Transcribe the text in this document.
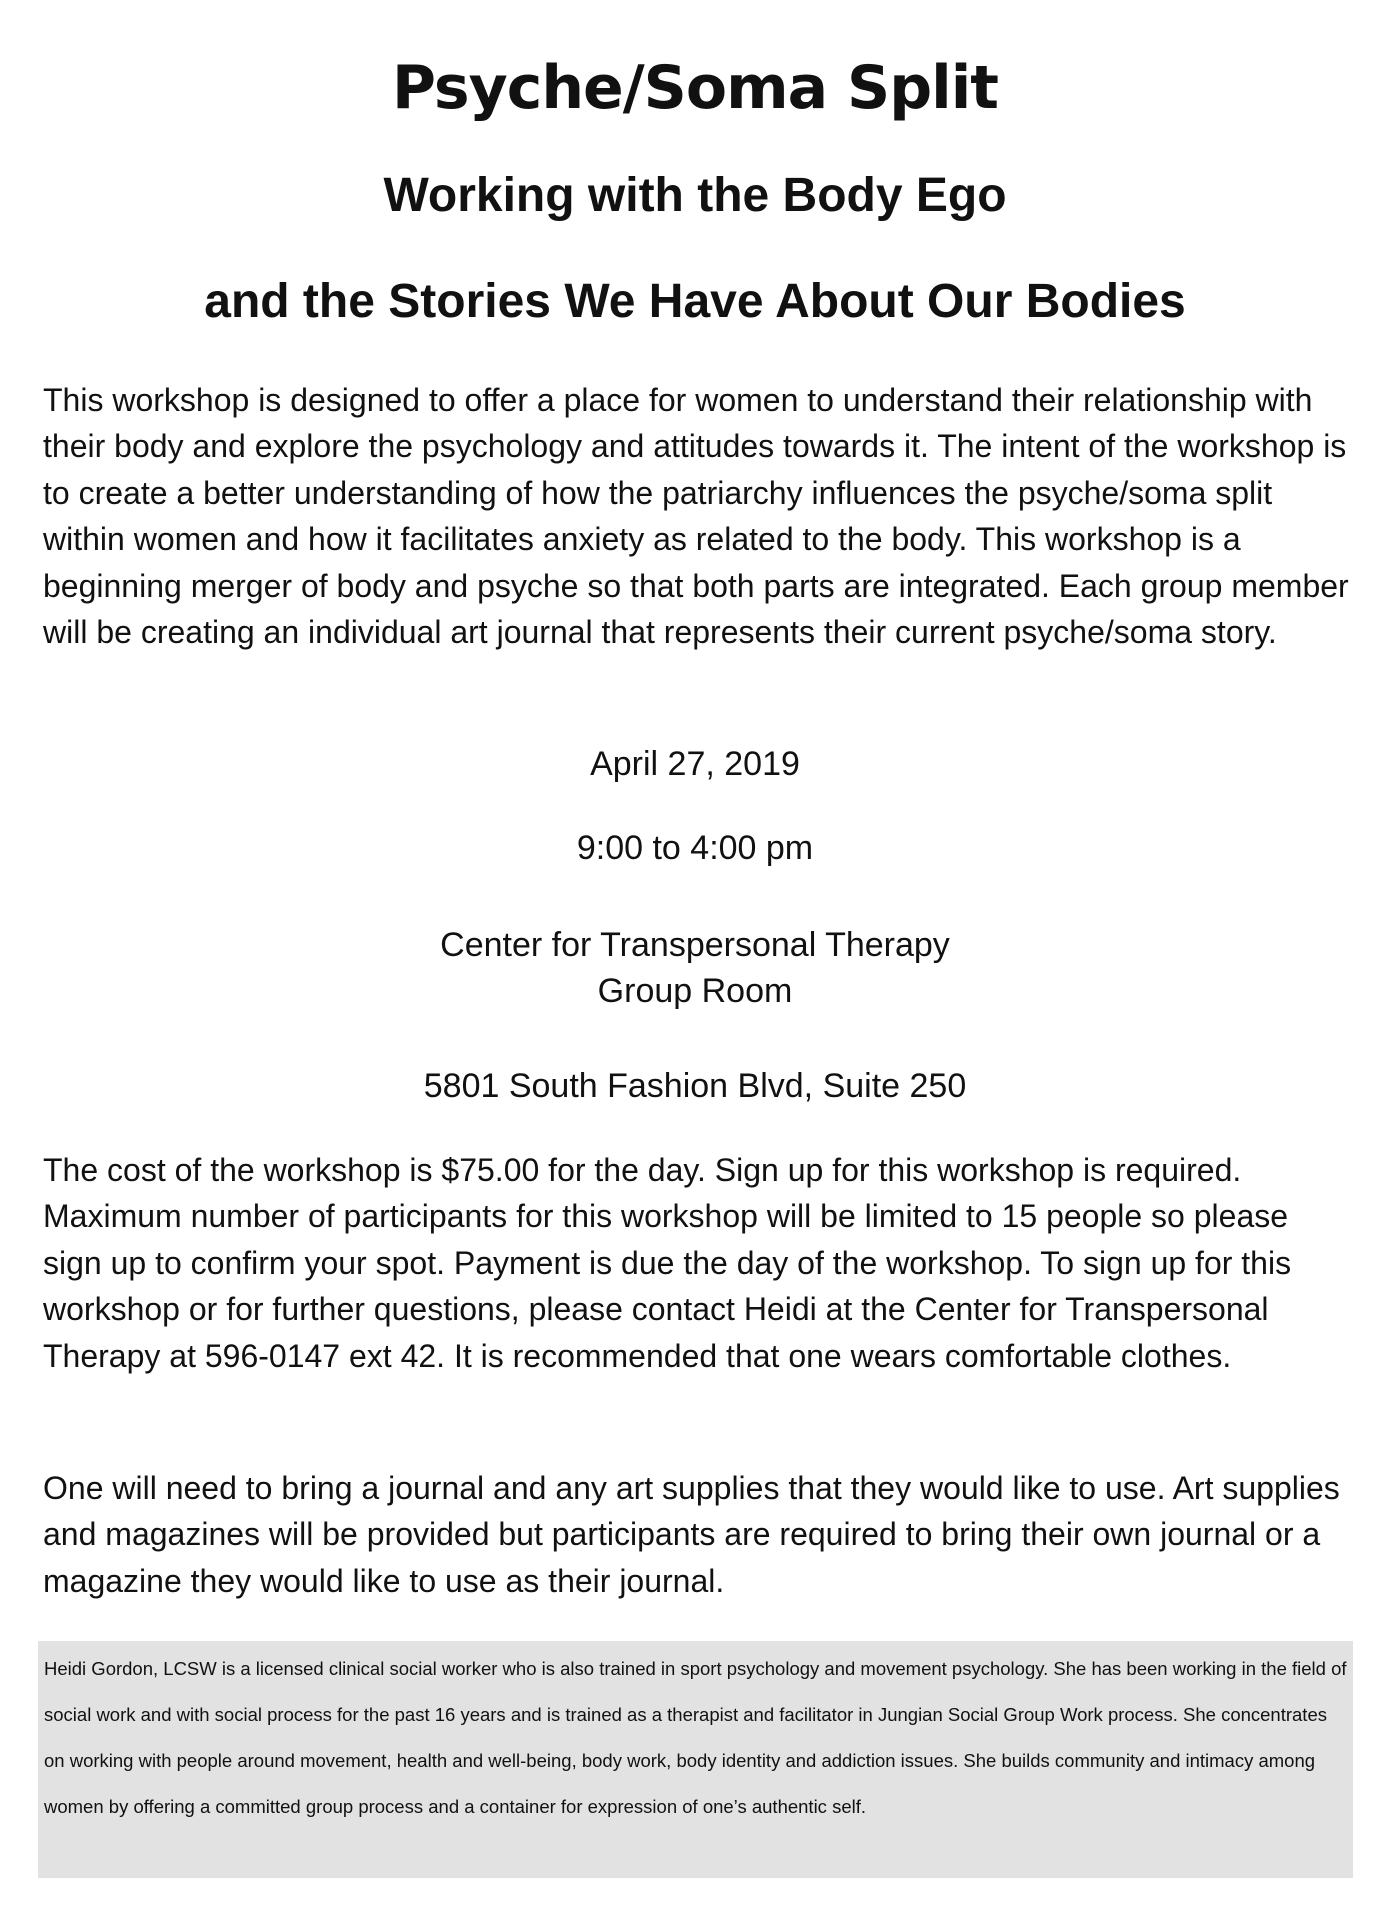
Psyche/Soma Split
Working with the Body Ego
and the Stories We Have About Our Bodies

This workshop is designed to offer a place for women to understand their relationship with their body and explore the psychology and attitudes towards it. The intent of the workshop is to create a better understanding of how the patriarchy influences the psyche/soma split within women and how it facilitates anxiety as related to the body. This workshop is a beginning merger of body and psyche so that both parts are integrated. Each group member will be creating an individual art journal that represents their current psyche/soma story.

April 27, 2019

9:00 to 4:00 pm

Center for Transpersonal Therapy

Group Room

5801 South Fashion Blvd, Suite 250

The cost of the workshop is $75.00 for the day. Sign up for this workshop is required. Maximum number of participants for this workshop will be limited to 15 people so please sign up to confirm your spot. Payment is due the day of the workshop. To sign up for this workshop or for further questions, please contact Heidi at the Center for Transpersonal Therapy at 596-0147 ext 42. It is recommended that one wears comfortable clothes.

One will need to bring a journal and any art supplies that they would like to use. Art supplies and magazines will be provided but participants are required to bring their own journal or a magazine they would like to use as their journal.

Heidi Gordon, LCSW is a licensed clinical social worker who is also trained in sport psychology and movement psychology. She has been working in the field of social work and with social process for the past 16 years and is trained as a therapist and facilitator in Jungian Social Group Work process. She concentrates on working with people around movement, health and well-being, body work, body identity and addiction issues. She builds community and intimacy among women by offering a committed group process and a container for expression of one’s authentic self.
